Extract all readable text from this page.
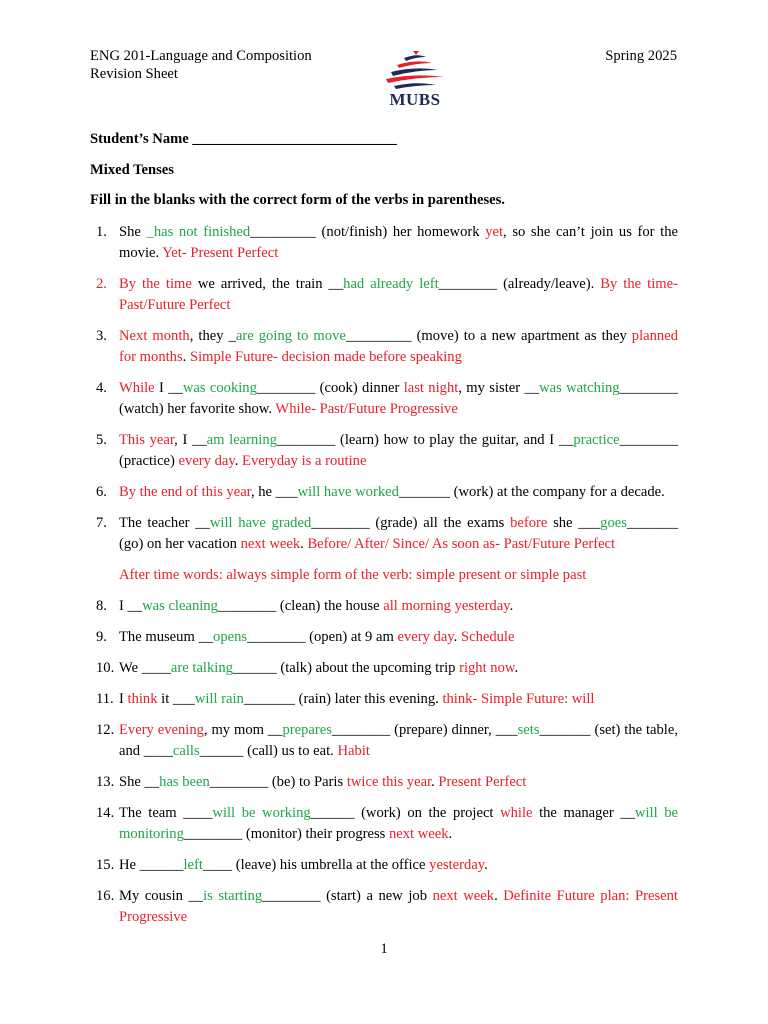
ENG 201-Language and Composition
Revision Sheet
MUBS
Spring 2025
Student’s Name ____________________________
Mixed Tenses
Fill in the blanks with the correct form of the verbs in parentheses.
1. She _has not finished_________ (not/finish) her homework yet, so she can’t join us for the movie. Yet- Present Perfect
2. By the time we arrived, the train __had already left________ (already/leave). By the time- Past/Future Perfect
3. Next month, they _are going to move_________ (move) to a new apartment as they planned for months. Simple Future- decision made before speaking
4. While I __was cooking________ (cook) dinner last night, my sister __was watching________ (watch) her favorite show. While- Past/Future Progressive
5. This year, I __am learning________ (learn) how to play the guitar, and I __practice________ (practice) every day. Everyday is a routine
6. By the end of this year, he ___will have worked_______ (work) at the company for a decade.
7. The teacher __will have graded________ (grade) all the exams before she ___goes_______ (go) on her vacation next week. Before/ After/ Since/ As soon as- Past/Future Perfect
After time words: always simple form of the verb: simple present or simple past
8. I __was cleaning________ (clean) the house all morning yesterday.
9. The museum __opens________ (open) at 9 am every day. Schedule
10. We ____are talking______ (talk) about the upcoming trip right now.
11. I think it ___will rain_______ (rain) later this evening. think- Simple Future: will
12. Every evening, my mom __prepares________ (prepare) dinner, ___sets_______ (set) the table, and ____calls______ (call) us to eat. Habit
13. She __has been________ (be) to Paris twice this year. Present Perfect
14. The team ____will be working______ (work) on the project while the manager __will be monitoring________ (monitor) their progress next week.
15. He ______left____ (leave) his umbrella at the office yesterday.
16. My cousin __is starting________ (start) a new job next week. Definite Future plan: Present Progressive
1
